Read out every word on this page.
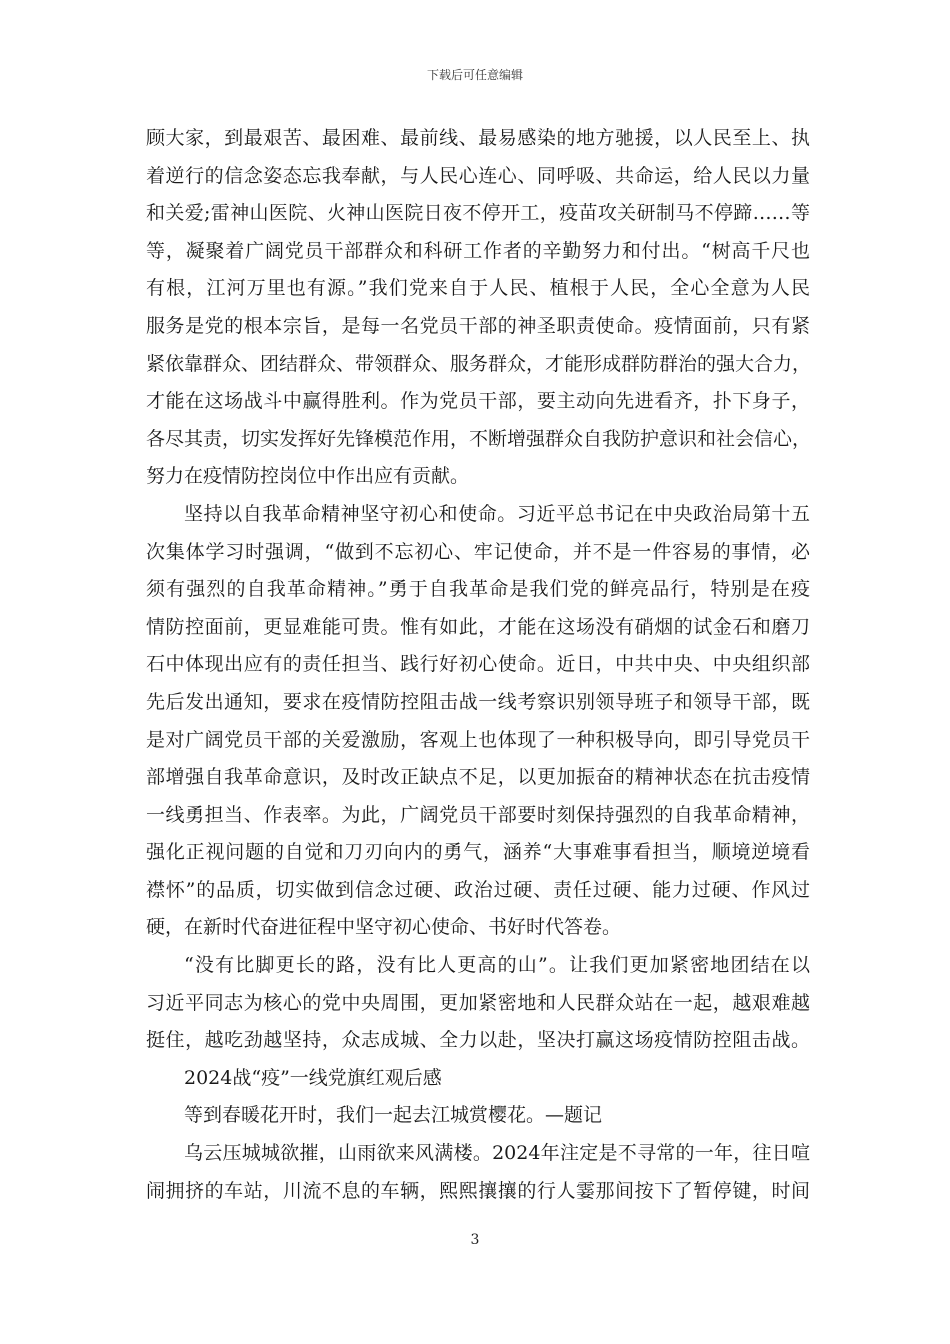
下载后可任意编辑
顾大家，到最艰苦、最困难、最前线、最易感染的地方驰援，以人民至上、执
着逆行的信念姿态忘我奉献，与人民心连心、同呼吸、共命运，给人民以力量
和关爱;雷神山医院、火神山医院日夜不停开工，疫苗攻关研制马不停蹄……等
等，凝聚着广阔党员干部群众和科研工作者的辛勤努力和付出。“树高千尺也
有根，江河万里也有源。”我们党来自于人民、植根于人民，全心全意为人民
服务是党的根本宗旨，是每一名党员干部的神圣职责使命。疫情面前，只有紧
紧依靠群众、团结群众、带领群众、服务群众，才能形成群防群治的强大合力，
才能在这场战斗中赢得胜利。作为党员干部，要主动向先进看齐，扑下身子，
各尽其责，切实发挥好先锋模范作用，不断增强群众自我防护意识和社会信心，
努力在疫情防控岗位中作出应有贡献。
坚持以自我革命精神坚守初心和使命。习近平总书记在中央政治局第十五
次集体学习时强调，“做到不忘初心、牢记使命，并不是一件容易的事情，必
须有强烈的自我革命精神。”勇于自我革命是我们党的鲜亮品行，特别是在疫
情防控面前，更显难能可贵。惟有如此，才能在这场没有硝烟的试金石和磨刀
石中体现出应有的责任担当、践行好初心使命。近日，中共中央、中央组织部
先后发出通知，要求在疫情防控阻击战一线考察识别领导班子和领导干部，既
是对广阔党员干部的关爱激励，客观上也体现了一种积极导向，即引导党员干
部增强自我革命意识，及时改正缺点不足，以更加振奋的精神状态在抗击疫情
一线勇担当、作表率。为此，广阔党员干部要时刻保持强烈的自我革命精神，
强化正视问题的自觉和刀刃向内的勇气，涵养“大事难事看担当，顺境逆境看
襟怀”的品质，切实做到信念过硬、政治过硬、责任过硬、能力过硬、作风过
硬，在新时代奋进征程中坚守初心使命、书好时代答卷。
“没有比脚更长的路，没有比人更高的山”。让我们更加紧密地团结在以
习近平同志为核心的党中央周围，更加紧密地和人民群众站在一起，越艰难越
挺住，越吃劲越坚持，众志成城、全力以赴，坚决打赢这场疫情防控阻击战。
2024战“疫”一线党旗红观后感
等到春暖花开时，我们一起去江城赏樱花。—题记
乌云压城城欲摧，山雨欲来风满楼。2024年注定是不寻常的一年，往日喧
闹拥挤的车站，川流不息的车辆，熙熙攘攘的行人霎那间按下了暂停键，时间
3
